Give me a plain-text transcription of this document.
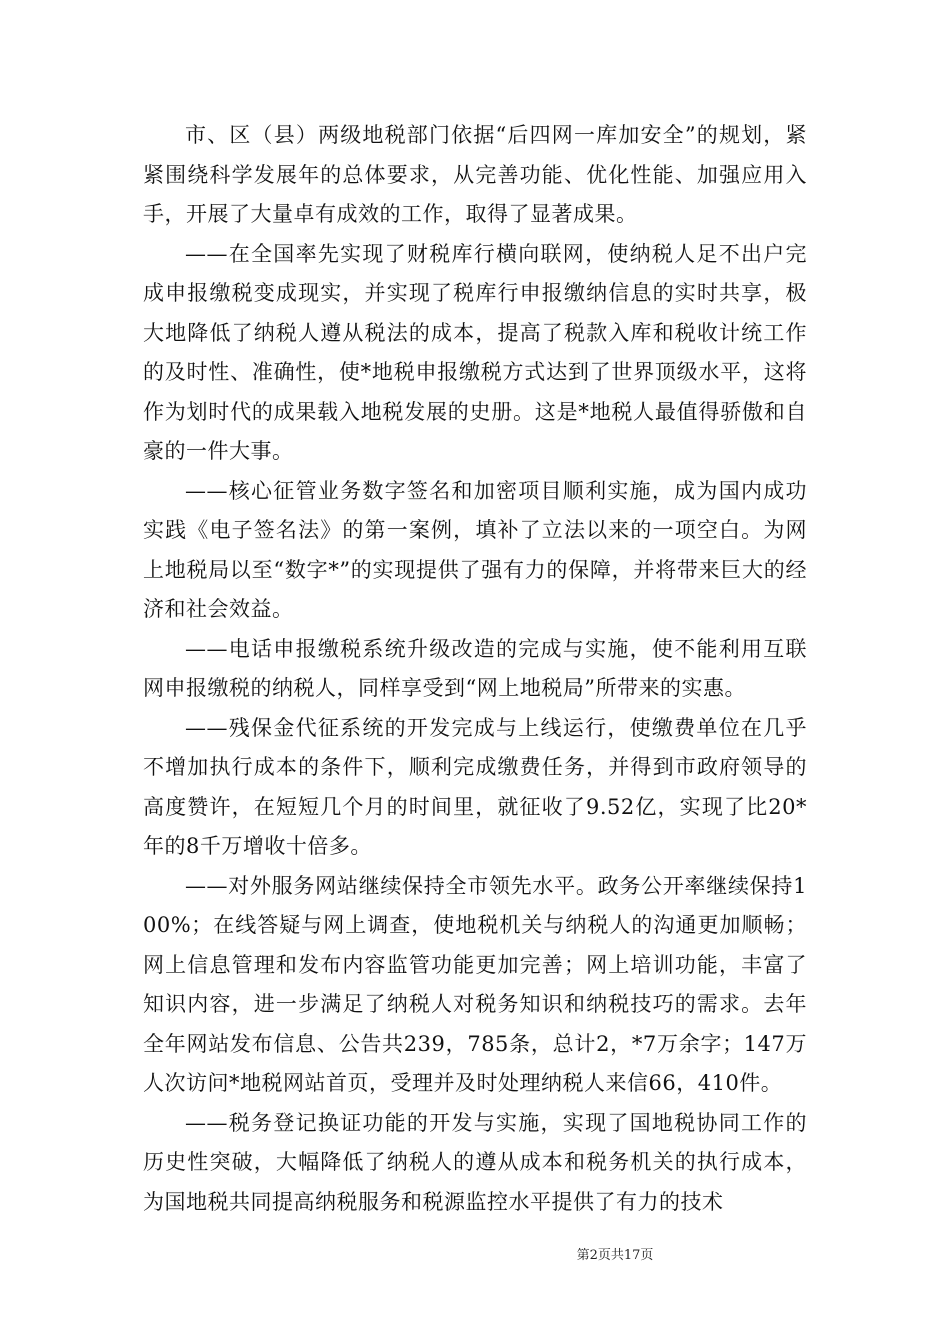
市、区（县）两级地税部门依据“后四网一库加安全”的规划，紧紧围绕科学发展年的总体要求，从完善功能、优化性能、加强应用入手，开展了大量卓有成效的工作，取得了显著成果。

——在全国率先实现了财税库行横向联网，使纳税人足不出户完成申报缴税变成现实，并实现了税库行申报缴纳信息的实时共享，极大地降低了纳税人遵从税法的成本，提高了税款入库和税收计统工作的及时性、准确性，使*地税申报缴税方式达到了世界顶级水平，这将作为划时代的成果载入地税发展的史册。这是*地税人最值得骄傲和自豪的一件大事。

——核心征管业务数字签名和加密项目顺利实施，成为国内成功实践《电子签名法》的第一案例，填补了立法以来的一项空白。为网上地税局以至“数字*”的实现提供了强有力的保障，并将带来巨大的经济和社会效益。

——电话申报缴税系统升级改造的完成与实施，使不能利用互联网申报缴税的纳税人，同样享受到“网上地税局”所带来的实惠。

——残保金代征系统的开发完成与上线运行，使缴费单位在几乎不增加执行成本的条件下，顺利完成缴费任务，并得到市政府领导的高度赞许，在短短几个月的时间里，就征收了9.52亿，实现了比20*年的8千万增收十倍多。

——对外服务网站继续保持全市领先水平。政务公开率继续保持100%；在线答疑与网上调查，使地税机关与纳税人的沟通更加顺畅；网上信息管理和发布内容监管功能更加完善；网上培训功能，丰富了知识内容，进一步满足了纳税人对税务知识和纳税技巧的需求。去年全年网站发布信息、公告共239，785条，总计2，*7万余字；147万人次访问*地税网站首页，受理并及时处理纳税人来信66，410件。

——税务登记换证功能的开发与实施，实现了国地税协同工作的历史性突破，大幅降低了纳税人的遵从成本和税务机关的执行成本，为国地税共同提高纳税服务和税源监控水平提供了有力的技术

第2页共17页
